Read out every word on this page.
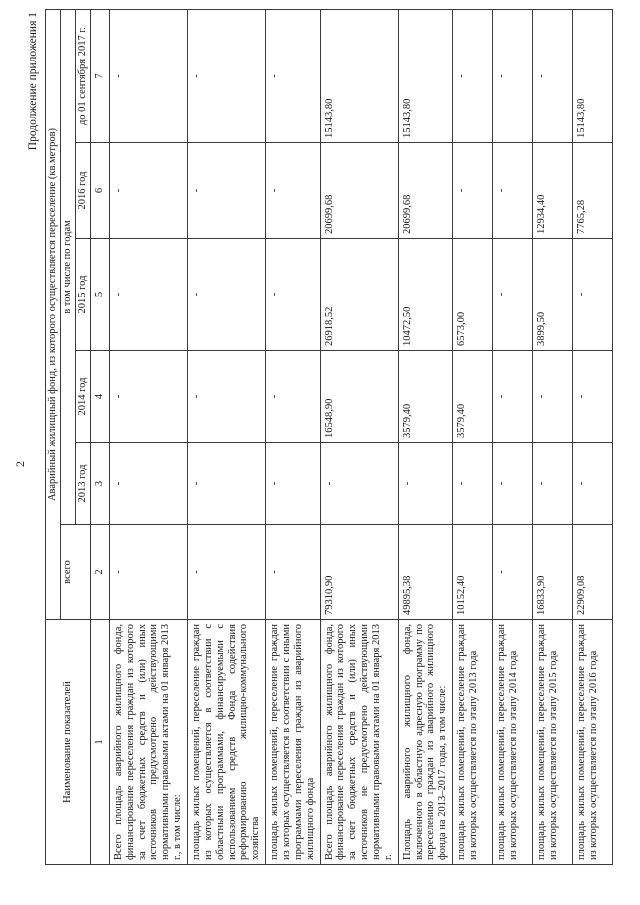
2
Продолжение приложения 1
Наименование показателей	Аварийный жилищный фонд, из которого осуществляется переселение (кв.метров)					
	всего	в том числе по годам				
		2013 год	2014 год	2015 год	2016 год	до 01 сентября 2017 г.
1	2	3	4	5	6	7
Всего площадь аварийного жилищного фонда, финансирование переселения граждан из которого за счет бюджетных средств и (или) иных источников предусмотрено действующими нормативными правовыми актами на 01 января 2013 г., в том числе:	-	-	-	-	-	-
площадь жилых помещений, переселение граждан из которых осуществляется в соответствии с областными программами, финансируемыми с использованием средств Фонда содействия реформированию жилищно-коммунального хозяйства	-	-	-	-	-	-
площадь жилых помещений, переселение граждан из которых осуществляется в соответствии с иными программами переселения граждан из аварийного жилищного фонда	-	-	-	-	-	-
Всего площадь аварийного жилищного фонда, финансирование переселения граждан из которого за счет бюджетных средств и (или) иных источников не предусмотрено действующими нормативными правовыми актами на 01 января 2013 г.	79310,90	-	16548,90	26918,52	20699,68	15143,80
Площадь аварийного жилищного фонда, включенного в областную адресную программу по переселению граждан из аварийного жилищного фонда на 2013–2017 годы, в том числе:	49895,38	-	3579,40	10472,50	20699,68	15143,80
площадь жилых помещений, переселение граждан из которых осуществляется по этапу 2013 года	10152,40	-	3579,40	6573,00	-	-
площадь жилых помещений, переселение граждан из которых осуществляется по этапу 2014 года	-	-	-	-	-	-
площадь жилых помещений, переселение граждан из которых осуществляется по этапу 2015 года	16833,90	-	-	3899,50	12934,40	-
площадь жилых помещений, переселение граждан из которых осуществляется по этапу 2016 года	22909,08	-	-	-	7765,28	15143,80
